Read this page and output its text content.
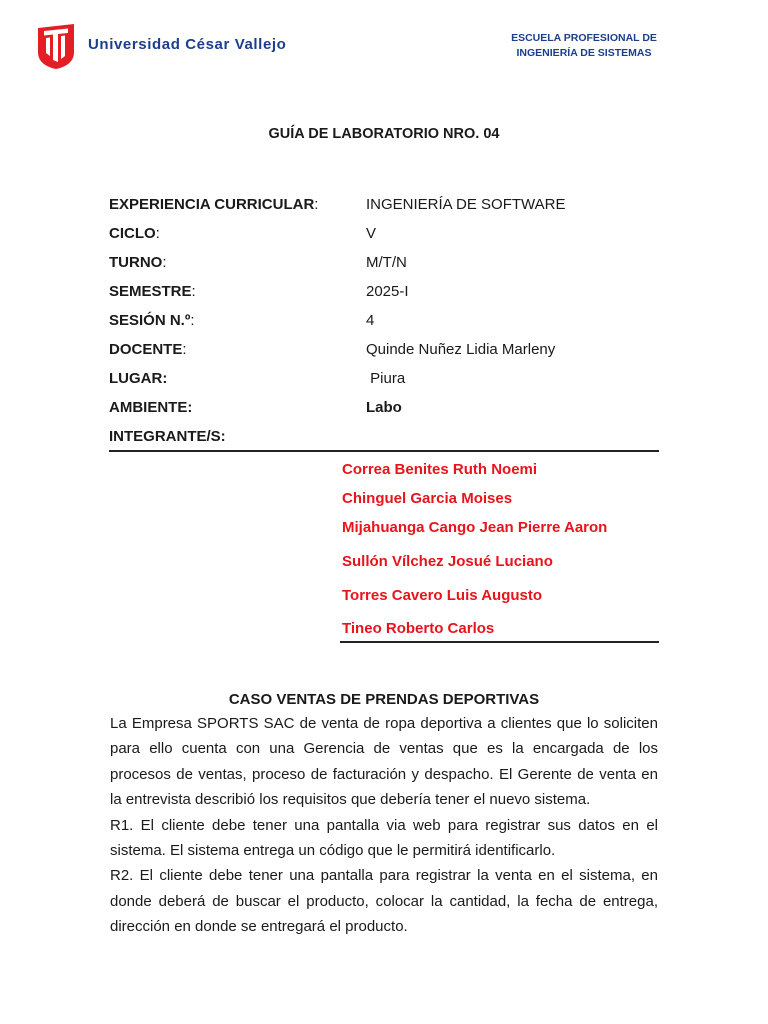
Universidad César Vallejo	ESCUELA PROFESIONAL DE
INGENIERÍA DE SISTEMAS
GUÍA DE LABORATORIO NRO. 04
EXPERIENCIA CURRICULAR:	INGENIERÍA DE SOFTWARE
CICLO:	V
TURNO:	M/T/N
SEMESTRE:	2025-I
SESIÓN N.º:	4
DOCENTE:	Quinde Nuñez Lidia Marleny
LUGAR:	Piura
AMBIENTE:	Labo
INTEGRANTE/S:
Correa Benites Ruth Noemi
Chinguel Garcia Moises
Mijahuanga Cango Jean Pierre Aaron
Sullón Vílchez Josué Luciano
Torres Cavero Luis Augusto
Tineo Roberto Carlos
CASO VENTAS DE PRENDAS DEPORTIVAS
La Empresa SPORTS SAC de venta de ropa deportiva a clientes que lo soliciten
para ello cuenta con una Gerencia de ventas que es la encargada de los
procesos de ventas, proceso de facturación y despacho. El Gerente de venta en
la entrevista describió los requisitos que debería tener el nuevo sistema.
R1. El cliente debe tener una pantalla via web para registrar sus datos en el
sistema. El sistema entrega un código que le permitirá identificarlo.
R2. El cliente debe tener una pantalla para registrar la venta en el sistema, en
donde deberá de buscar el producto, colocar la cantidad, la fecha de entrega,
dirección en donde se entregará el producto.
